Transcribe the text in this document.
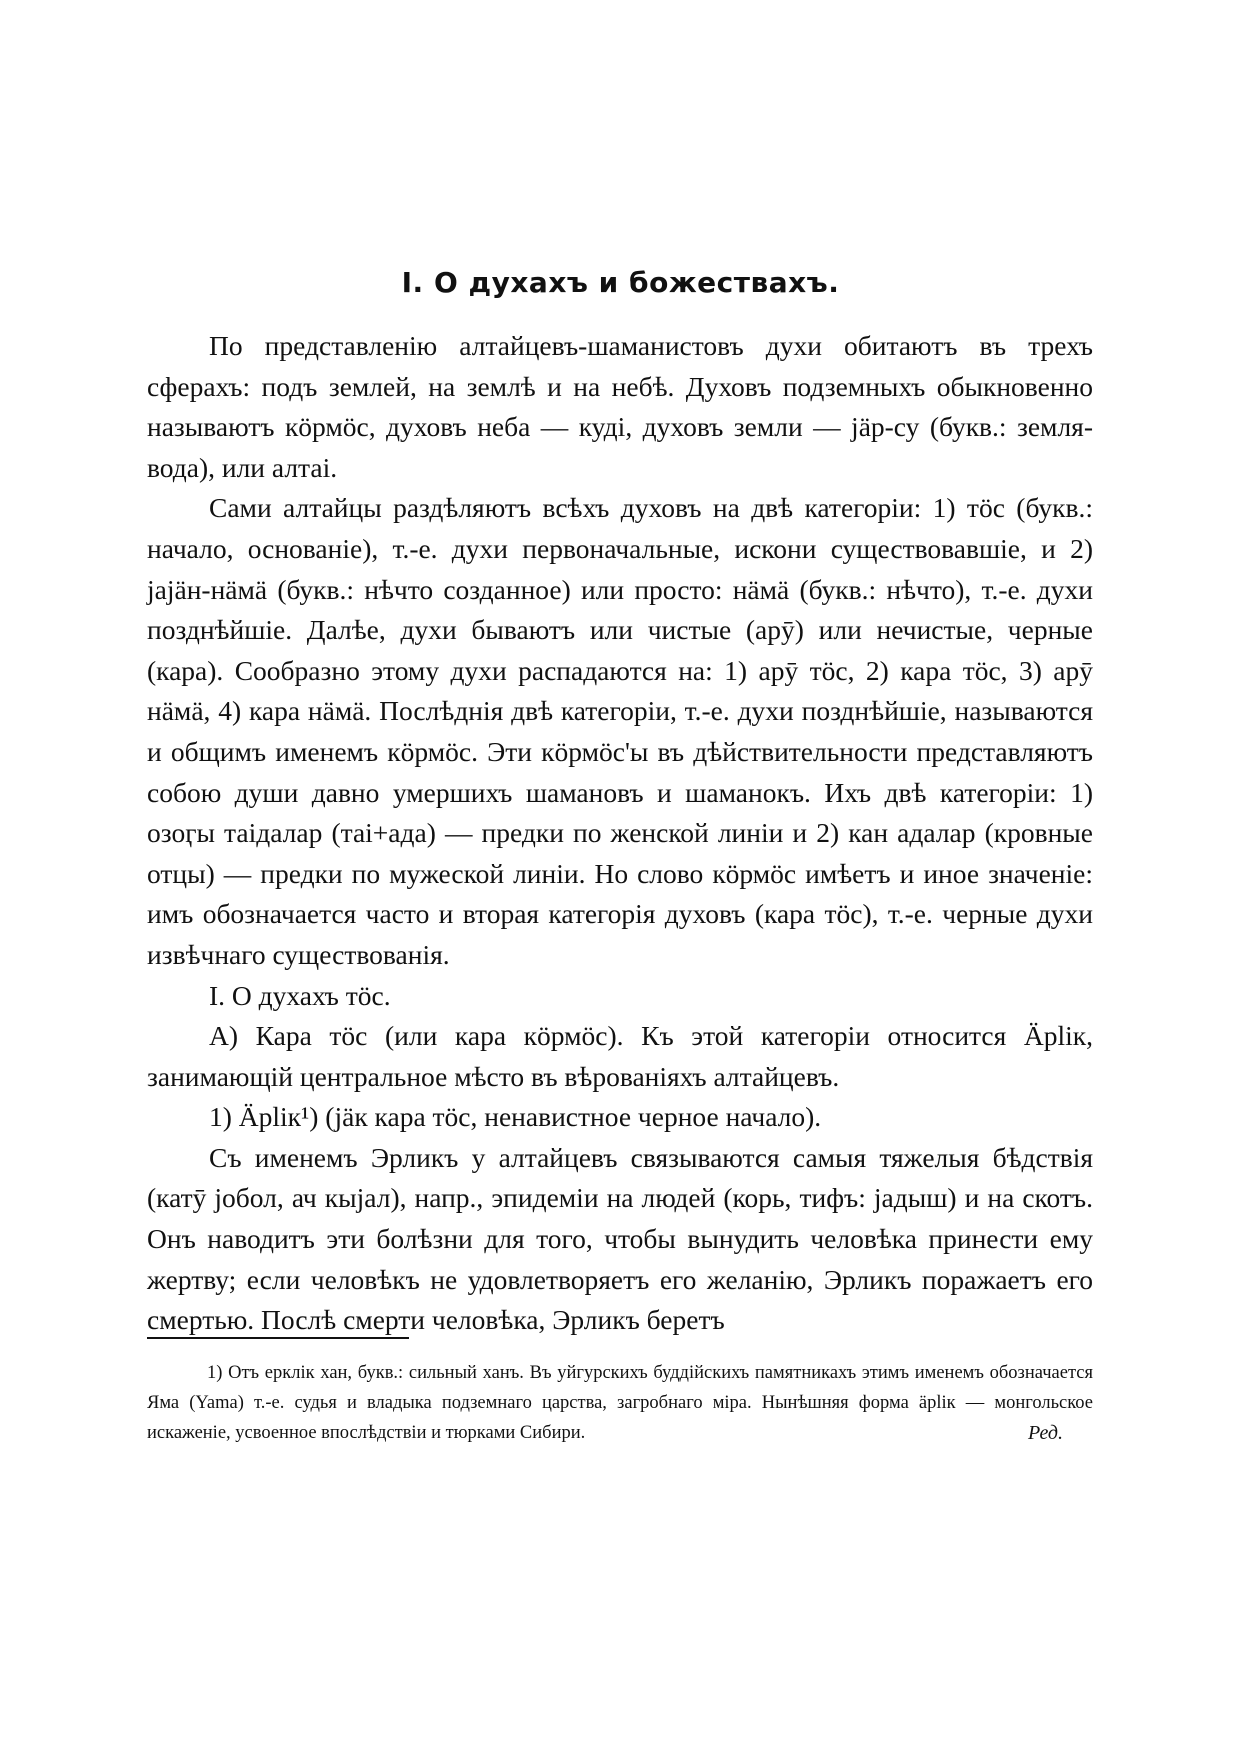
I. О духахъ и божествахъ.

По представленію алтайцевъ-шаманистовъ духи обитаютъ въ трехъ сферахъ: подъ землей, на землѣ и на небѣ. Духовъ подземныхъ обыкновенно называютъ кöрмöс, духовъ неба — куді, духовъ земли — jäр-су (букв.: земля-вода), или алтаі.

Сами алтайцы раздѣляютъ всѣхъ духовъ на двѣ категоріи: 1) тöс (букв.: начало, основаніе), т.-е. духи первоначальные, искони существовавшіе, и 2) jajäн-нäмä (букв.: нѣчто созданное) или просто: нäмä (букв.: нѣчто), т.-е. духи позднѣйшіе. Далѣе, духи бываютъ или чистые (арӯ) или нечистые, черные (кара). Сообразно этому духи распадаются на: 1) арӯ тöс, 2) кара тöс, 3) арӯ нäмä, 4) кара нäмä. Послѣднія двѣ категоріи, т.-е. духи позднѣйшіе, называются и общимъ именемъ кöрмöс. Эти кöрмöс'ы въ дѣйствительности представляютъ собою души давно умершихъ шамановъ и шаманокъ. Ихъ двѣ категоріи: 1) озоӷы таідалар (таі+ада) — предки по женской линіи и 2) кан адалар (кровные отцы) — предки по мужеской линіи. Но слово кöрмöс имѣетъ и иное значеніе: имъ обозначается часто и вторая категорія духовъ (кара тöс), т.-е. черные духи извѣчнаго существованія.

I. О духахъ тöс.

A) Кара тöс (или кара кöрмöс). Къ этой категоріи относится Äрlік, занимающій центральное мѣсто въ вѣрованіяхъ алтайцевъ.

1) Äрlік¹) (jäк кара тöс, ненавистное черное начало).

Съ именемъ Эрликъ у алтайцевъ связываются самыя тяжелыя бѣдствія (катӯ jобол, ач кыjал), напр., эпидеміи на людей (корь, тифъ: jадыш) и на скотъ. Онъ наводитъ эти болѣзни для того, чтобы вынудить человѣка принести ему жертву; если человѣкъ не удовлетворяетъ его желанію, Эрликъ поражаетъ его смертью. Послѣ смерти человѣка, Эрликъ беретъ

1) Отъ ерклік хан, букв.: сильный ханъ. Въ уйгурскихъ буддійскихъ памятникахъ этимъ именемъ обозначается Яма (Yama) т.-е. судья и владыка подземнаго царства, загробнаго міра. Нынѣшняя форма äрlік — монгольское искаженіе, усвоенное впослѣдствіи и тюрками Сибири.	Ред.
